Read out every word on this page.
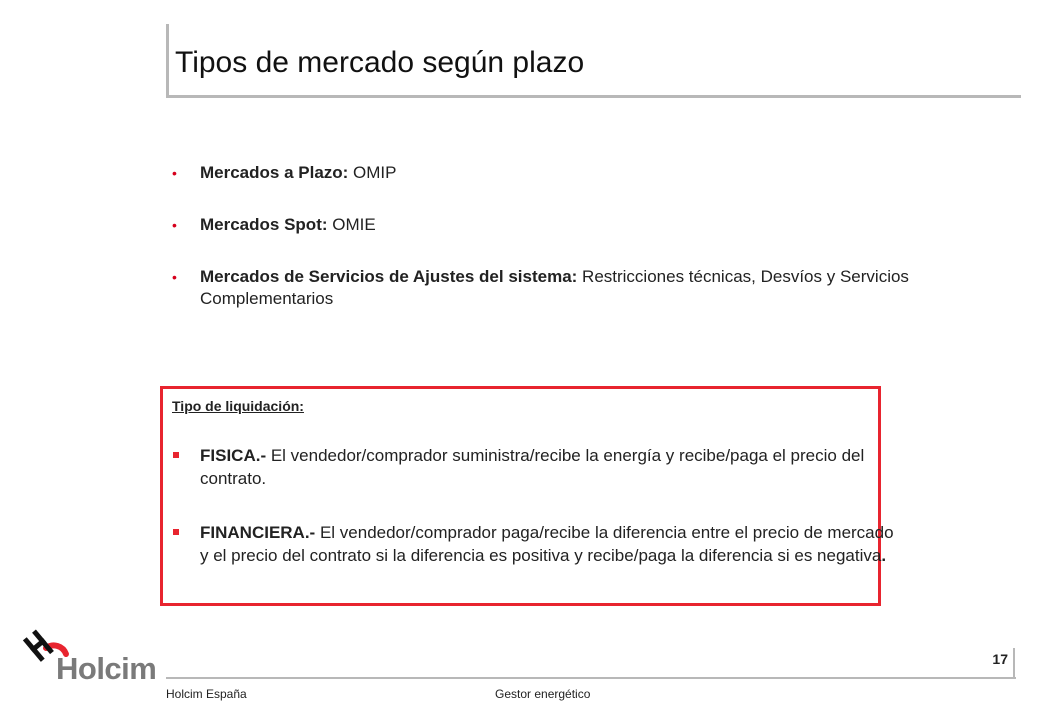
Tipos de mercado según plazo
• Mercados a Plazo: OMIP
• Mercados Spot: OMIE
• Mercados de Servicios de Ajustes del sistema: Restricciones técnicas, Desvíos y Servicios Complementarios
Tipo de liquidación:
FISICA.- El vendedor/comprador suministra/recibe la energía y recibe/paga el precio del contrato.
FINANCIERA.- El vendedor/comprador paga/recibe la diferencia entre el precio de mercado y el precio del contrato si la diferencia es positiva y recibe/paga la diferencia si es negativa.
Holcim	17
Holcim España	Gestor energético
